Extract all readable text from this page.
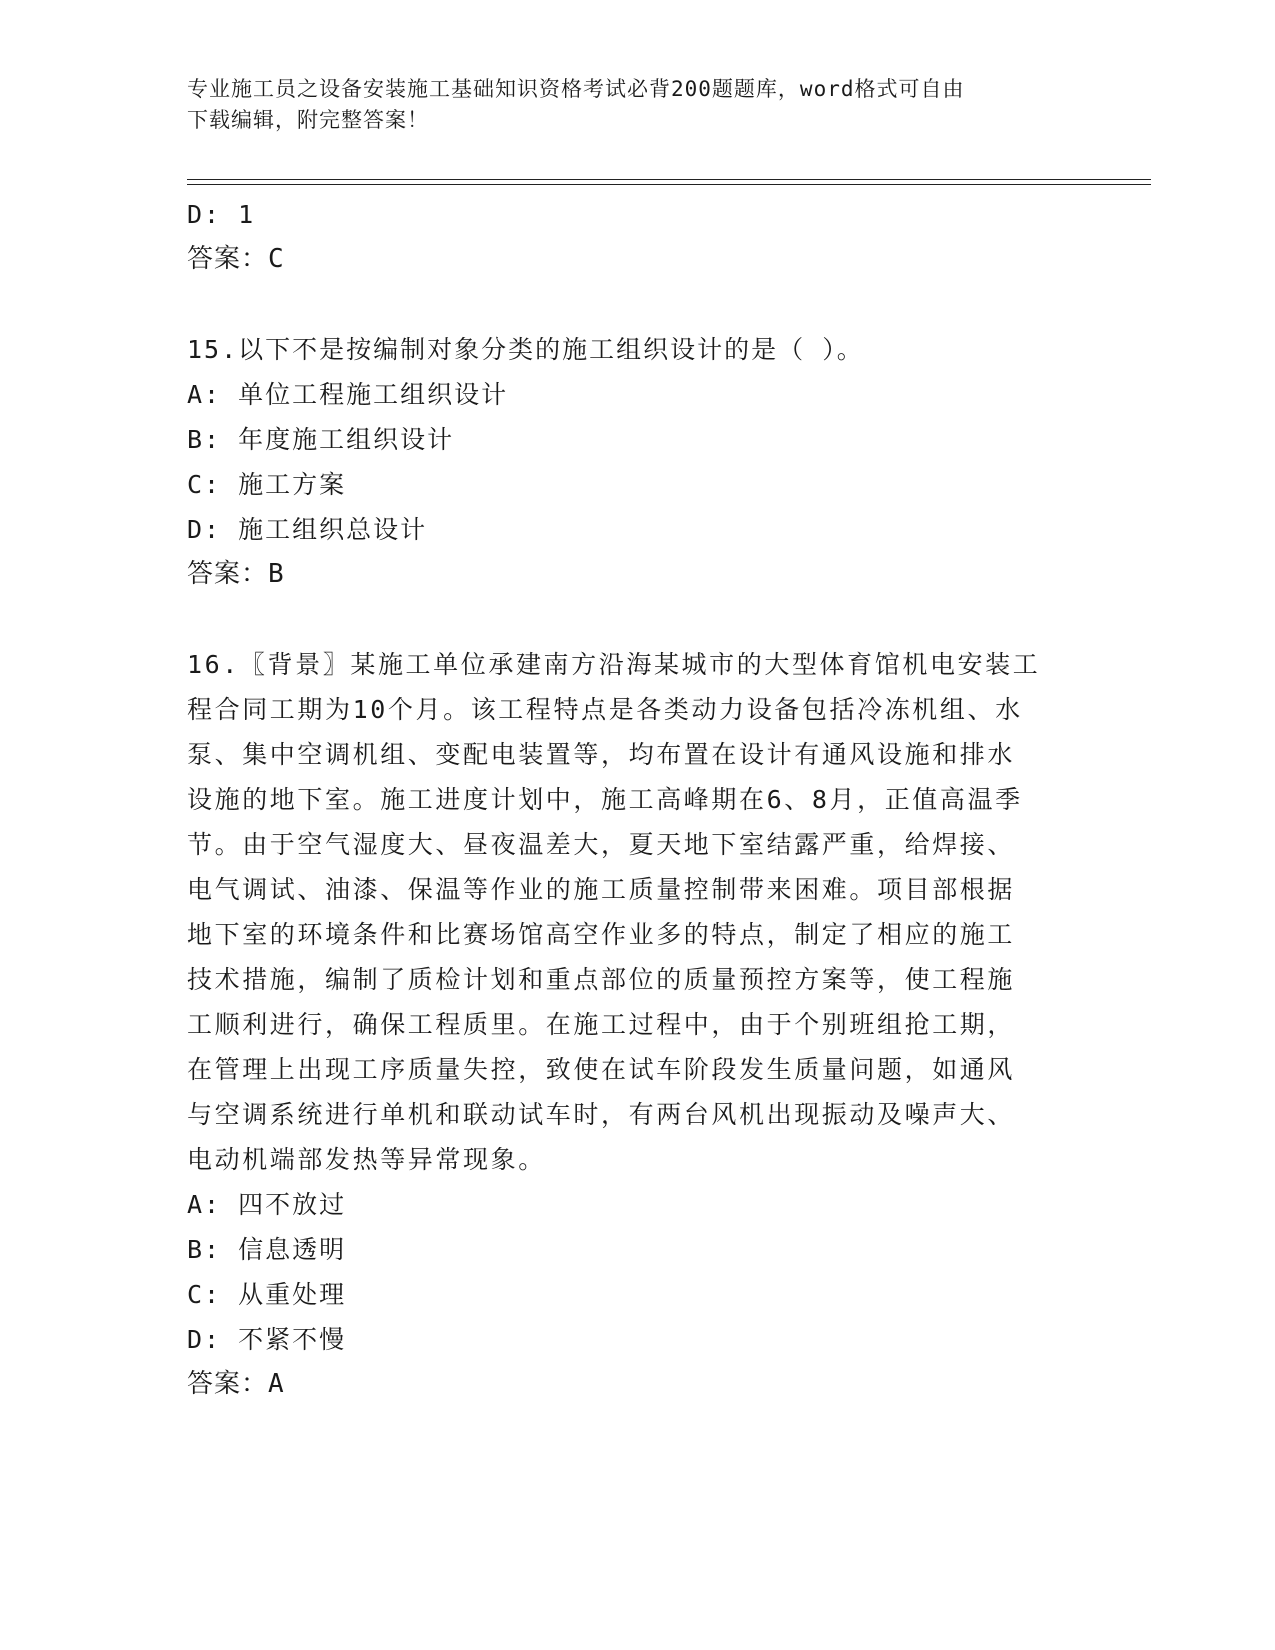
专业施工员之设备安装施工基础知识资格考试必背200题题库，word格式可自由
下载编辑，附完整答案！
D: 1
答案：C
15.以下不是按编制对象分类的施工组织设计的是（ ）。
A: 单位工程施工组织设计
B: 年度施工组织设计
C: 施工方案
D: 施工组织总设计
答案：B
16.〖背景〗某施工单位承建南方沿海某城市的大型体育馆机电安装工
程合同工期为10个月。该工程特点是各类动力设备包括冷冻机组、水
泵、集中空调机组、变配电装置等，均布置在设计有通风设施和排水
设施的地下室。施工进度计划中，施工高峰期在6、8月，正值高温季
节。由于空气湿度大、昼夜温差大，夏天地下室结露严重，给焊接、
电气调试、油漆、保温等作业的施工质量控制带来困难。项目部根据
地下室的环境条件和比赛场馆高空作业多的特点，制定了相应的施工
技术措施，编制了质检计划和重点部位的质量预控方案等，使工程施
工顺利进行，确保工程质里。在施工过程中，由于个别班组抢工期，
在管理上出现工序质量失控，致使在试车阶段发生质量问题，如通风
与空调系统进行单机和联动试车时，有两台风机出现振动及噪声大、
电动机端部发热等异常现象。
A: 四不放过
B: 信息透明
C: 从重处理
D: 不紧不慢
答案：A
